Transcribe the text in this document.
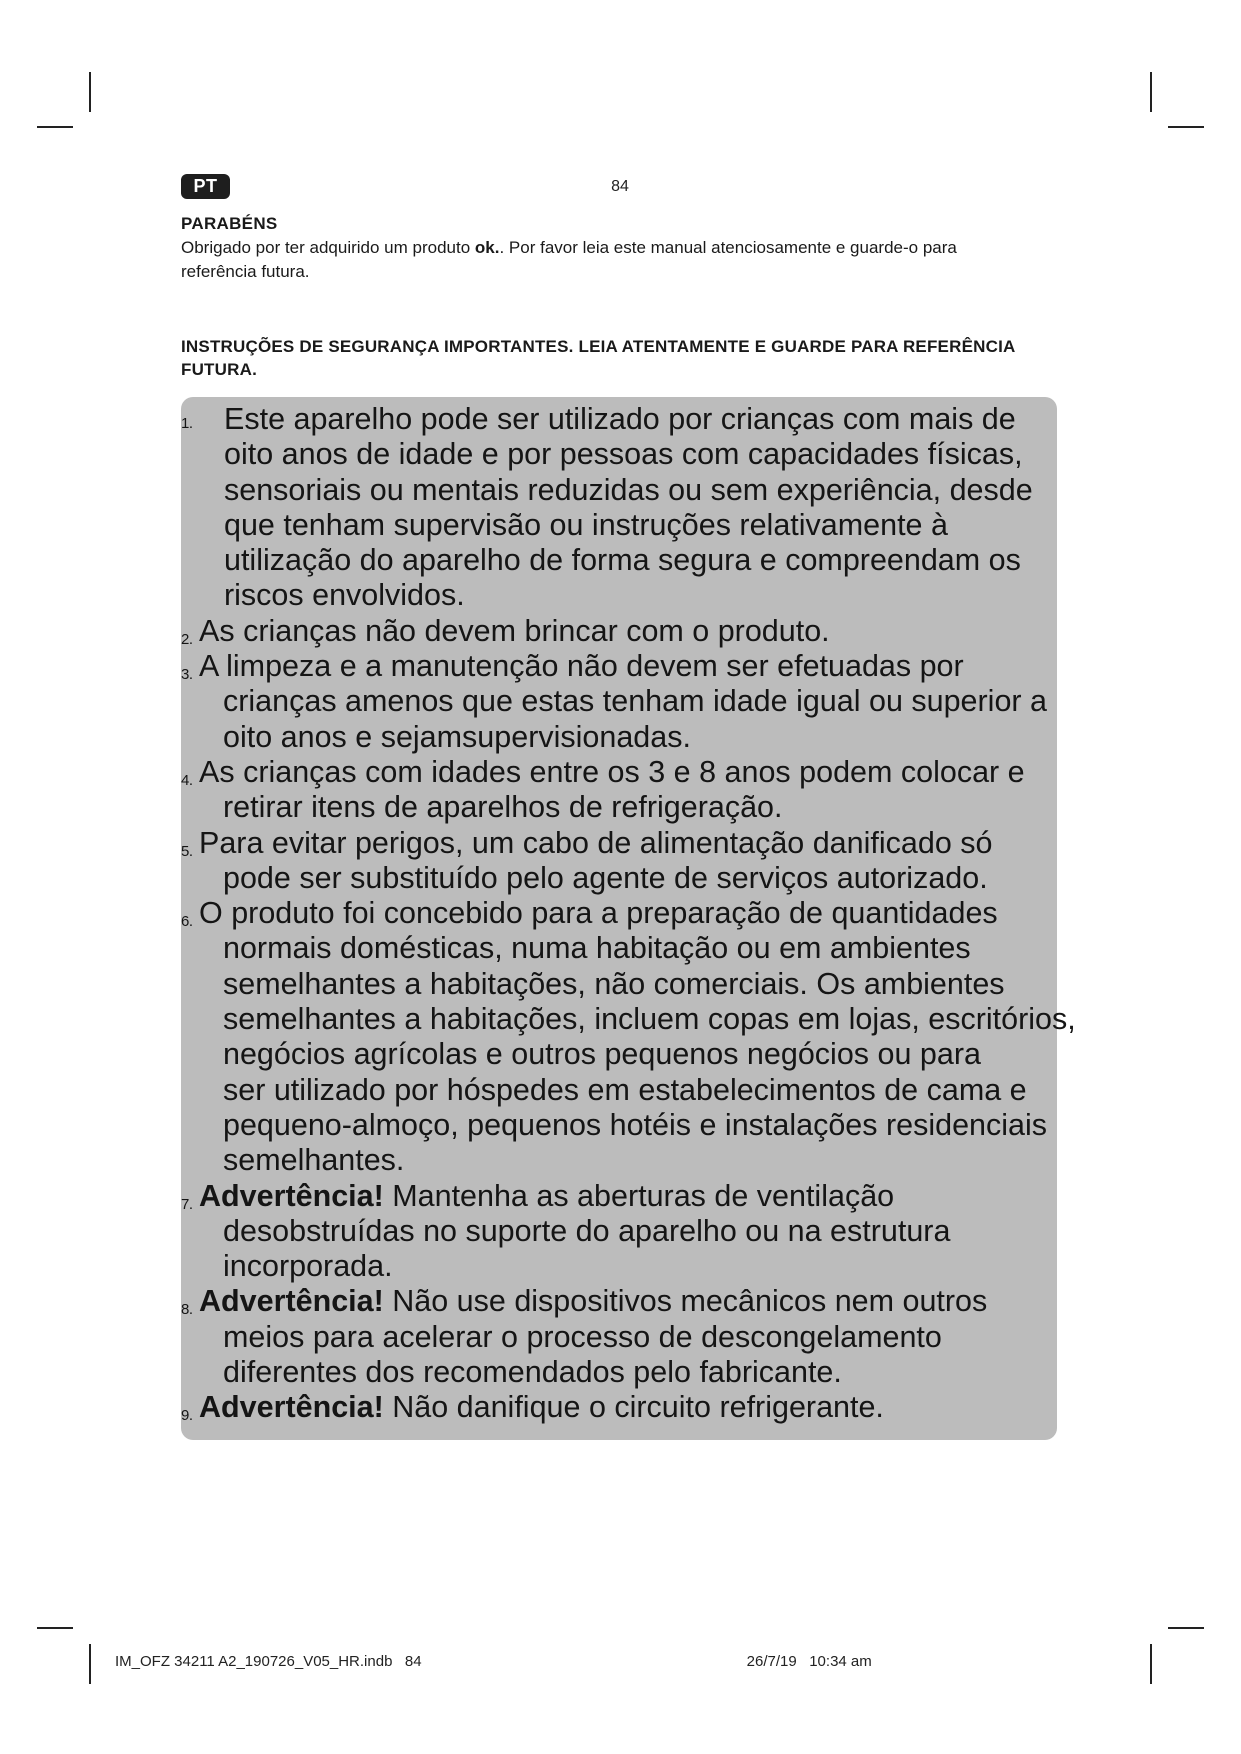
PT	84
PARABÉNS
Obrigado por ter adquirido um produto ok.. Por favor leia este manual atenciosamente e guarde-o para
referência futura.
INSTRUÇÕES DE SEGURANÇA IMPORTANTES. LEIA ATENTAMENTE E GUARDE PARA REFERÊNCIA
FUTURA.
1. Este aparelho pode ser utilizado por crianças com mais de
oito anos de idade e por pessoas com capacidades físicas,
sensoriais ou mentais reduzidas ou sem experiência, desde
que tenham supervisão ou instruções relativamente à
utilização do aparelho de forma segura e compreendam os
riscos envolvidos.
2. As crianças não devem brincar com o produto.
3. A limpeza e a manutenção não devem ser efetuadas por
crianças amenos que estas tenham idade igual ou superior a
oito anos e sejamsupervisionadas.
4. As crianças com idades entre os 3 e 8 anos podem colocar e
retirar itens de aparelhos de refrigeração.
5. Para evitar perigos, um cabo de alimentação danificado só
pode ser substituído pelo agente de serviços autorizado.
6. O produto foi concebido para a preparação de quantidades
normais domésticas, numa habitação ou em ambientes
semelhantes a habitações, não comerciais. Os ambientes
semelhantes a habitações, incluem copas em lojas, escritórios,
negócios agrícolas e outros pequenos negócios ou para
ser utilizado por hóspedes em estabelecimentos de cama e
pequeno-almoço, pequenos hotéis e instalações residenciais
semelhantes.
7. Advertência! Mantenha as aberturas de ventilação
desobstruídas no suporte do aparelho ou na estrutura
incorporada.
8. Advertência! Não use dispositivos mecânicos nem outros
meios para acelerar o processo de descongelamento
diferentes dos recomendados pelo fabricante.
9. Advertência! Não danifique o circuito refrigerante.
IM_OFZ 34211 A2_190726_V05_HR.indb   84                                                                              26/7/19   10:34 am
